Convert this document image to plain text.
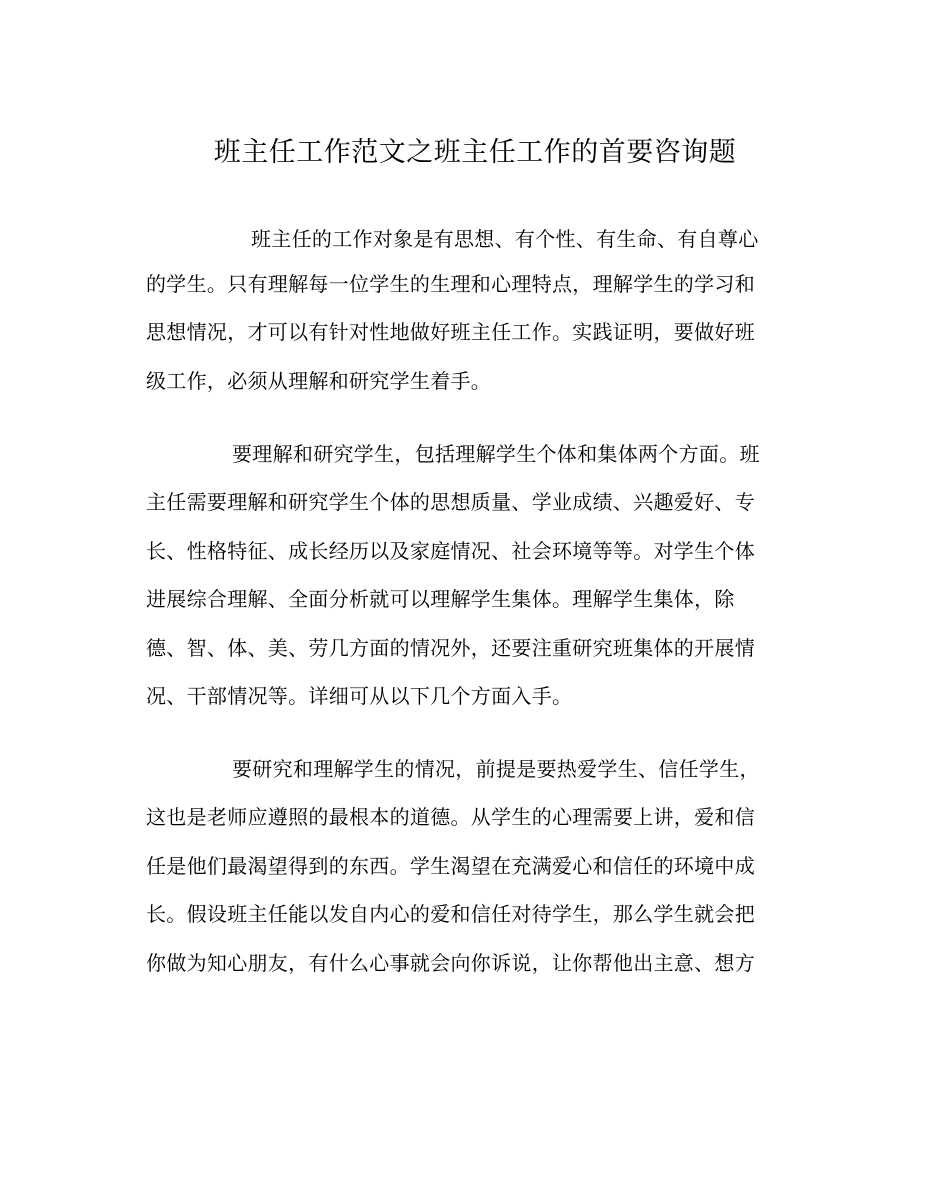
班主任工作范文之班主任工作的首要咨询题
班主任的工作对象是有思想、有个性、有生命、有自尊心
的学生。只有理解每一位学生的生理和心理特点，理解学生的学习和
思想情况，才可以有针对性地做好班主任工作。实践证明，要做好班
级工作，必须从理解和研究学生着手。
要理解和研究学生，包括理解学生个体和集体两个方面。班
主任需要理解和研究学生个体的思想质量、学业成绩、兴趣爱好、专
长、性格特征、成长经历以及家庭情况、社会环境等等。对学生个体
进展综合理解、全面分析就可以理解学生集体。理解学生集体，除
德、智、体、美、劳几方面的情况外，还要注重研究班集体的开展情
况、干部情况等。详细可从以下几个方面入手。
要研究和理解学生的情况，前提是要热爱学生、信任学生，
这也是老师应遵照的最根本的道德。从学生的心理需要上讲，爱和信
任是他们最渴望得到的东西。学生渴望在充满爱心和信任的环境中成
长。假设班主任能以发自内心的爱和信任对待学生，那么学生就会把
你做为知心朋友，有什么心事就会向你诉说，让你帮他出主意、想方
